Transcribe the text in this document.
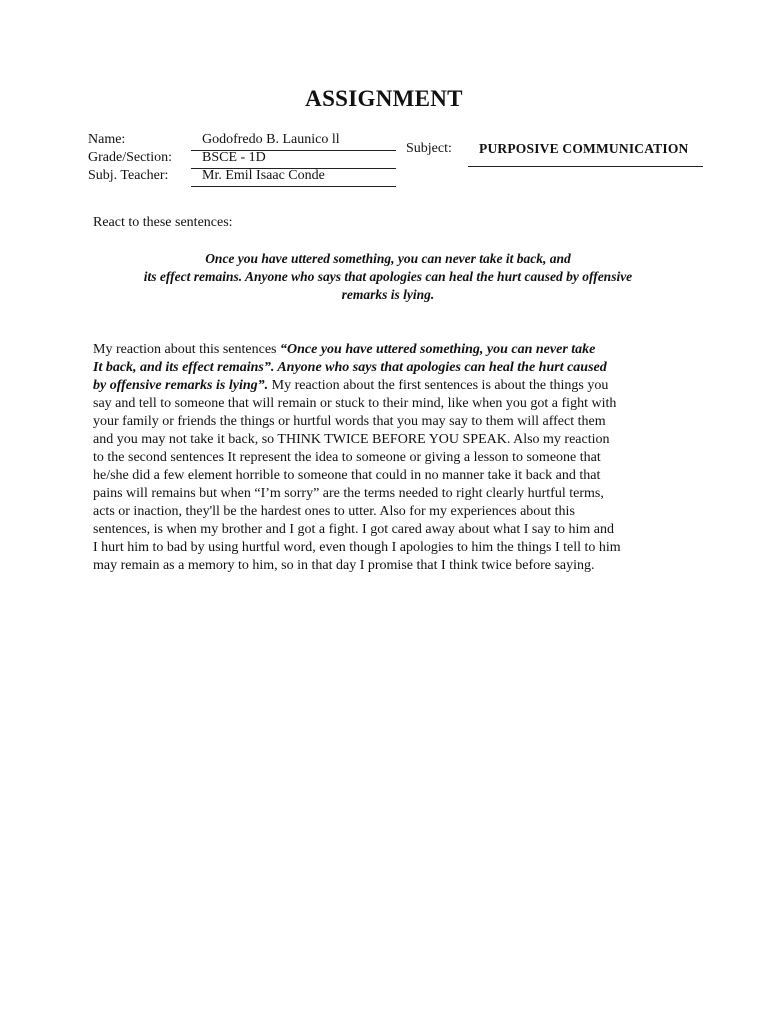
ASSIGNMENT
Name:	Godofredo B. Launico ll
Grade/Section: BSCE - 1D
Subj. Teacher: Mr. Emil Isaac Conde
Subject: PURPOSIVE COMMUNICATION
React to these sentences:
Once you have uttered something, you can never take it back, and
its effect remains. Anyone who says that apologies can heal the hurt caused by offensive
remarks is lying.
My reaction about this sentences “Once you have uttered something, you can never take
It back, and its effect remains”. Anyone who says that apologies can heal the hurt caused
by offensive remarks is lying”. My reaction about the first sentences is about the things you
say and tell to someone that will remain or stuck to their mind, like when you got a fight with
your family or friends the things or hurtful words that you may say to them will affect them
and you may not take it back, so THINK TWICE BEFORE YOU SPEAK. Also my reaction
to the second sentences It represent the idea to someone or giving a lesson to someone that
he/she did a few element horrible to someone that could in no manner take it back and that
pains will remains but when “I’m sorry” are the terms needed to right clearly hurtful terms,
acts or inaction, they'll be the hardest ones to utter. Also for my experiences about this
sentences, is when my brother and I got a fight. I got cared away about what I say to him and
I hurt him to bad by using hurtful word, even though I apologies to him the things I tell to him
may remain as a memory to him, so in that day I promise that I think twice before saying.
